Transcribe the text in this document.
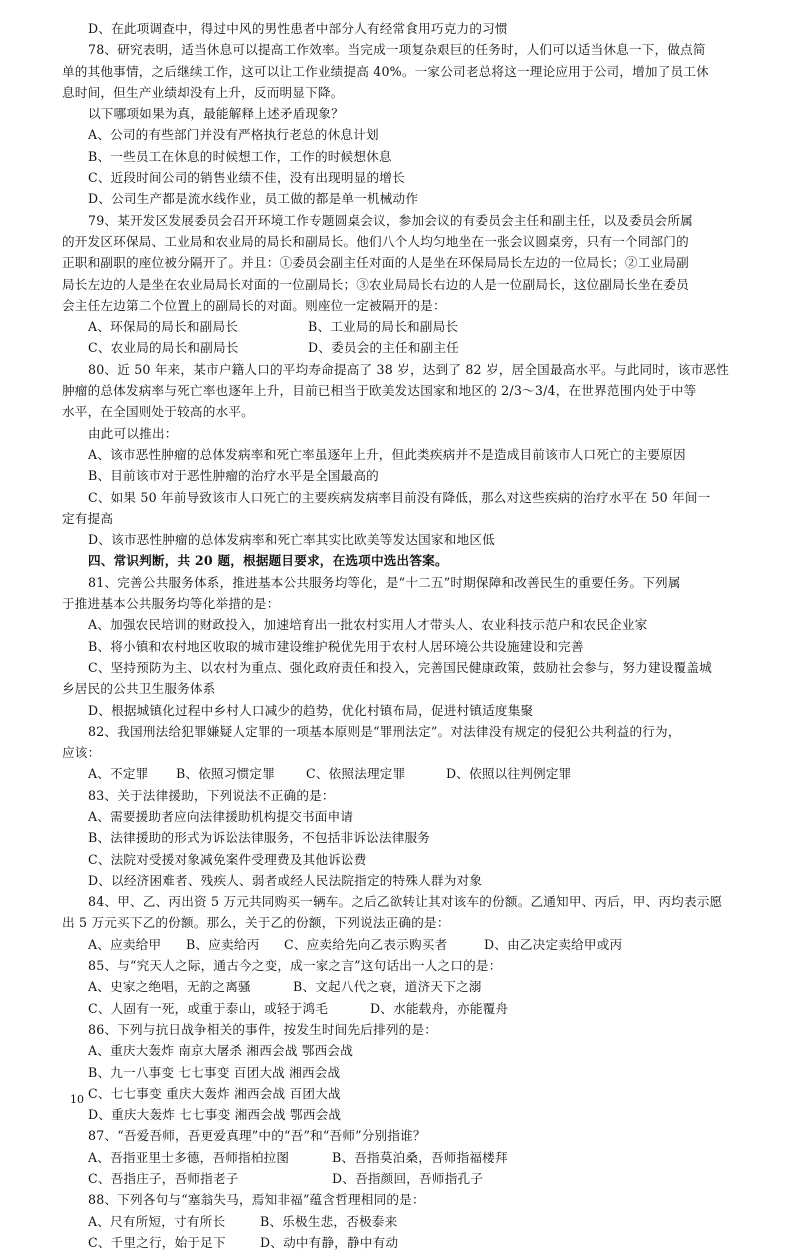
D、在此项调查中，得过中风的男性患者中部分人有经常食用巧克力的习惯
78、研究表明，适当休息可以提高工作效率。当完成一项复杂艰巨的任务时，人们可以适当休息一下，做点简
单的其他事情，之后继续工作，这可以让工作业绩提高 40%。一家公司老总将这一理论应用于公司，增加了员工休
息时间，但生产业绩却没有上升，反而明显下降。
以下哪项如果为真，最能解释上述矛盾现象？
A、公司的有些部门并没有严格执行老总的休息计划
B、一些员工在休息的时候想工作，工作的时候想休息
C、近段时间公司的销售业绩不佳，没有出现明显的增长
D、公司生产都是流水线作业，员工做的都是单一机械动作
79、某开发区发展委员会召开环境工作专题圆桌会议，参加会议的有委员会主任和副主任，以及委员会所属
的开发区环保局、工业局和农业局的局长和副局长。他们八个人均匀地坐在一张会议圆桌旁，只有一个同部门的
正职和副职的座位被分隔开了。并且：①委员会副主任对面的人是坐在环保局局长左边的一位局长；②工业局副
局长左边的人是坐在农业局局长对面的一位副局长；③农业局局长右边的人是一位副局长，这位副局长坐在委员
会主任左边第二个位置上的副局长的对面。则座位一定被隔开的是：
A、环保局的局长和副局长	B、工业局的局长和副局长
C、农业局的局长和副局长	D、委员会的主任和副主任
80、近 50 年来，某市户籍人口的平均寿命提高了 38 岁，达到了 82 岁，居全国最高水平。与此同时，该市恶性
肿瘤的总体发病率与死亡率也逐年上升，目前已相当于欧美发达国家和地区的 2/3～3/4，在世界范围内处于中等
水平，在全国则处于较高的水平。
由此可以推出：
A、该市恶性肿瘤的总体发病率和死亡率虽逐年上升，但此类疾病并不是造成目前该市人口死亡的主要原因
B、目前该市对于恶性肿瘤的治疗水平是全国最高的
C、如果 50 年前导致该市人口死亡的主要疾病发病率目前没有降低，那么对这些疾病的治疗水平在 50 年间一
定有提高
D、该市恶性肿瘤的总体发病率和死亡率其实比欧美等发达国家和地区低
四、常识判断，共 20 题，根据题目要求，在选项中选出答案。
81、完善公共服务体系，推进基本公共服务均等化，是“十二五”时期保障和改善民生的重要任务。下列属
于推进基本公共服务均等化举措的是：
A、加强农民培训的财政投入，加速培育出一批农村实用人才带头人、农业科技示范户和农民企业家
B、将小镇和农村地区收取的城市建设维护税优先用于农村人居环境公共设施建设和完善
C、坚持预防为主、以农村为重点、强化政府责任和投入，完善国民健康政策，鼓励社会参与，努力建设覆盖城
乡居民的公共卫生服务体系
D、根据城镇化过程中乡村人口减少的趋势，优化村镇布局，促进村镇适度集聚
82、我国刑法给犯罪嫌疑人定罪的一项基本原则是“罪刑法定”。对法律没有规定的侵犯公共利益的行为，
应该：
A、不定罪 B、依照习惯定罪 C、依照法理定罪	D、依照以往判例定罪
83、关于法律援助，下列说法不正确的是：
A、需要援助者应向法律援助机构提交书面申请
B、法律援助的形式为诉讼法律服务，不包括非诉讼法律服务
C、法院对受援对象减免案件受理费及其他诉讼费
D、以经济困难者、残疾人、弱者或经人民法院指定的特殊人群为对象
84、甲、乙、丙出资 5 万元共同购买一辆车。之后乙欲转让其对该车的份额。乙通知甲、丙后，甲、丙均表示愿
出 5 万元买下乙的份额。那么，关于乙的份额，下列说法正确的是：
A、应卖给甲 B、应卖给丙 C、应卖给先向乙表示购买者	D、由乙决定卖给甲或丙
85、与“究天人之际，通古今之变，成一家之言”这句话出一人之口的是：
A、史家之绝唱，无韵之离骚	B、文起八代之衰，道济天下之溺
C、人固有一死，或重于泰山，或轻于鸿毛	D、水能载舟，亦能覆舟
86、下列与抗日战争相关的事件，按发生时间先后排列的是：
A、重庆大轰炸 南京大屠杀 湘西会战 鄂西会战
B、九一八事变 七七事变 百团大战 湘西会战
C、七七事变 重庆大轰炸 湘西会战 百团大战
D、重庆大轰炸 七七事变 湘西会战 鄂西会战
87、“吾爱吾师，吾更爱真理”中的“吾”和“吾师”分别指谁？
A、吾指亚里士多德，吾师指柏拉图	B、吾指莫泊桑，吾师指福楼拜
C、吾指庄子，吾师指老子	D、吾指颜回，吾师指孔子
88、下列各句与“塞翁失马，焉知非福”蕴含哲理相同的是：
A、尺有所短，寸有所长	B、乐极生悲，否极泰来
C、千里之行，始于足下	D、动中有静，静中有动
10
